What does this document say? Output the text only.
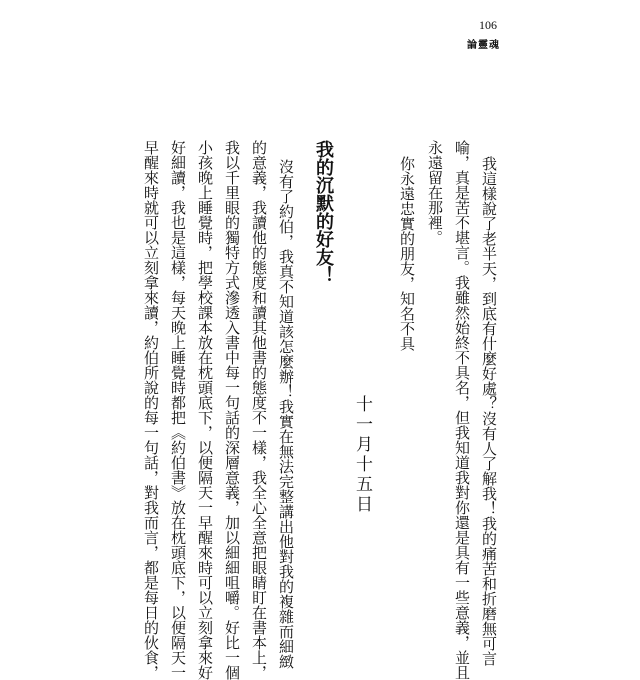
106
論靈魂
我這樣說了老半天，到底有什麼好處？沒有人了解我！我的痛苦和折磨無可言
喻，真是苦不堪言。我雖然始終不具名，但我知道我對你還是具有一些意義，並且
永遠留在那裡。
你永遠忠實的朋友，知名不具
十一月十五日
我的沉默的好友！
沒有了約伯，我真不知道該怎麼辦！我實在無法完整講出他對我的複雜而細緻
的意義，我讀他的態度和讀其他書的態度不一樣，我全心全意把眼睛盯在書本上，
我以千里眼的獨特方式滲透入書中每一句話的深層意義，加以細細咀嚼。好比一個
小孩晚上睡覺時，把學校課本放在枕頭底下，以便隔天一早醒來時可以立刻拿來好
好細讀，我也是這樣，每天晚上睡覺時都把《約伯書》放在枕頭底下，以便隔天一
早醒來時就可以立刻拿來讀，約伯所說的每一句話，對我而言，都是每日的伙食，
